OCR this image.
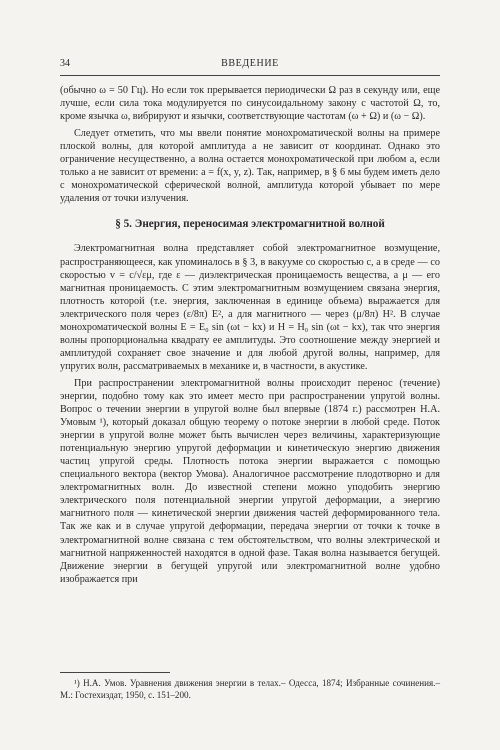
34	ВВЕДЕНИЕ

(обычно ω = 50 Гц). Но если ток прерывается периодически Ω раз в секунду или, еще лучше, если сила тока модулируется по синусоидальному закону с частотой Ω, то, кроме язычка ω, вибрируют и язычки, соответствующие частотам (ω + Ω) и (ω − Ω).

Следует отметить, что мы ввели понятие монохроматической волны на примере плоской волны, для которой амплитуда a не зависит от координат. Однако это ограничение несущественно, а волна остается монохроматической при любом a, если только a не зависит от времени: a = f(x, y, z). Так, например, в § 6 мы будем иметь дело с монохроматической сферической волной, амплитуда которой убывает по мере удаления от точки излучения.

§ 5. Энергия, переносимая электромагнитной волной

Электромагнитная волна представляет собой электромагнитное возмущение, распространяющееся, как упоминалось в § 3, в вакууме со скоростью c, а в среде — со скоростью v = c/√εμ, где ε — диэлектрическая проницаемость вещества, а μ — его магнитная проницаемость. С этим электромагнитным возмущением связана энергия, плотность которой (т.е. энергия, заключенная в единице объема) выражается для электрического поля через (ε/8π) E², а для магнитного — через (μ/8π) H². В случае монохроматической волны E = E₀ sin (ωt − kx) и H = H₀ sin (ωt − kx), так что энергия волны пропорциональна квадрату ее амплитуды. Это соотношение между энергией и амплитудой сохраняет свое значение и для любой другой волны, например, для упругих волн, рассматриваемых в механике и, в частности, в акустике.

При распространении электромагнитной волны происходит перенос (течение) энергии, подобно тому как это имеет место при распространении упругой волны. Вопрос о течении энергии в упругой волне был впервые (1874 г.) рассмотрен Н.А. Умовым ¹), который доказал общую теорему о потоке энергии в любой среде. Поток энергии в упругой волне может быть вычислен через величины, характеризующие потенциальную энергию упругой деформации и кинетическую энергию движения частиц упругой среды. Плотность потока энергии выражается с помощью специального вектора (вектор Умова). Аналогичное рассмотрение плодотворно и для электромагнитных волн. До известной степени можно уподобить энергию электрического поля потенциальной энергии упругой деформации, а энергию магнитного поля — кинетической энергии движения частей деформированного тела. Так же как и в случае упругой деформации, передача энергии от точки к точке в электромагнитной волне связана с тем обстоятельством, что волны электрической и магнитной напряженностей находятся в одной фазе. Такая волна называется бегущей. Движение энергии в бегущей упругой или электромагнитной волне удобно изображается при

¹) Н.А. Умов. Уравнения движения энергии в телах.– Одесса, 1874; Избранные сочинения.– М.: Гостехиздат, 1950, с. 151–200.
